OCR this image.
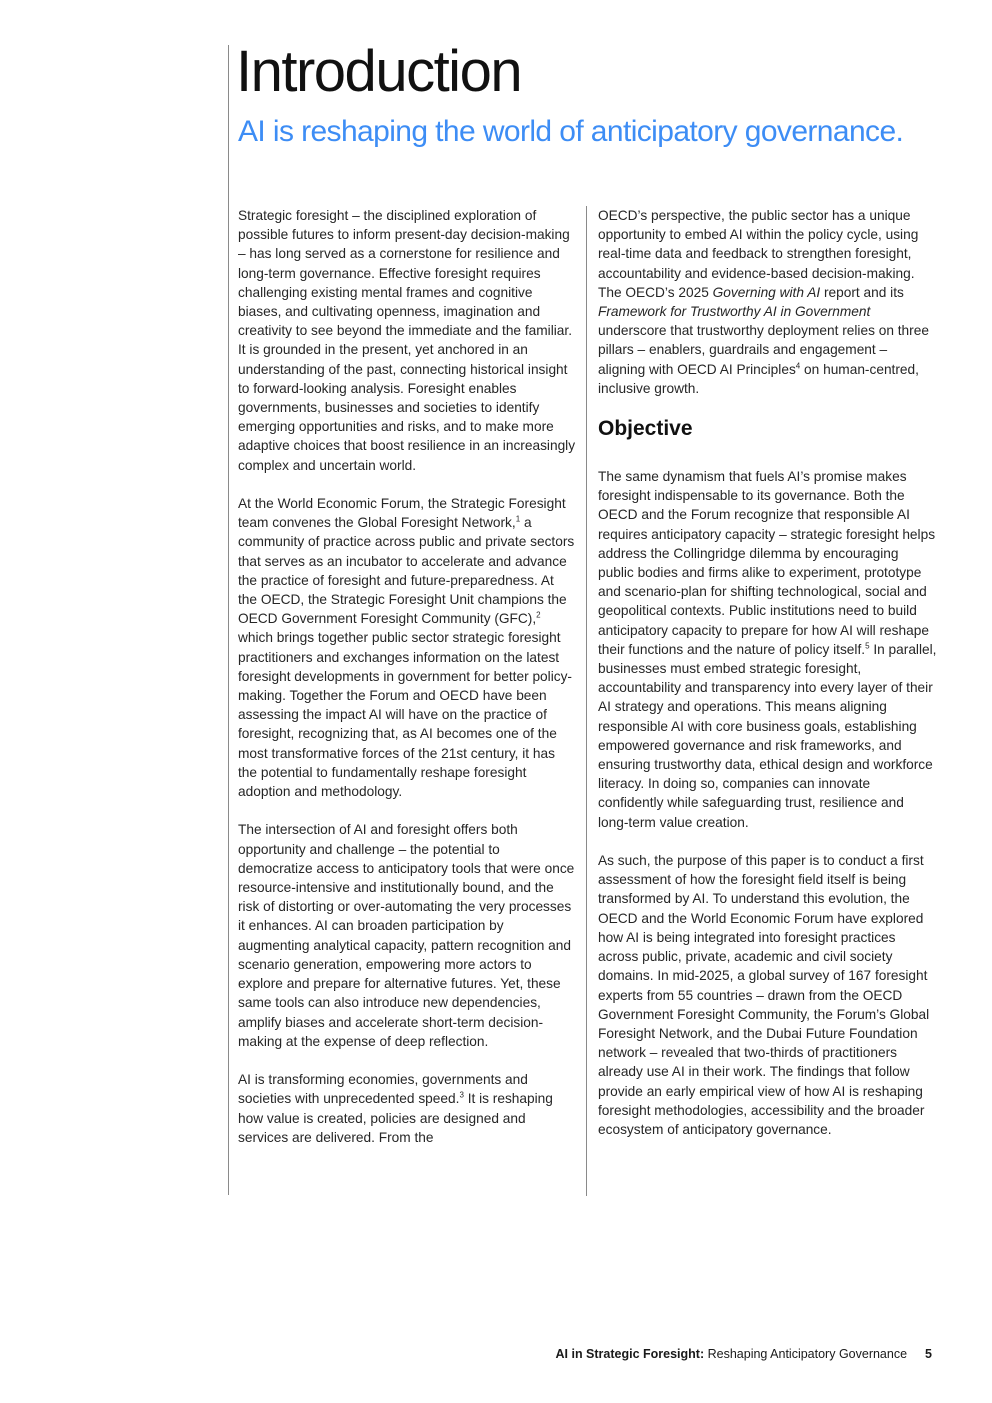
Introduction
AI is reshaping the world of anticipatory governance.

Strategic foresight – the disciplined exploration of possible futures to inform present-day decision-making – has long served as a cornerstone for resilience and long-term governance. Effective foresight requires challenging existing mental frames and cognitive biases, and cultivating openness, imagination and creativity to see beyond the immediate and the familiar. It is grounded in the present, yet anchored in an understanding of the past, connecting historical insight to forward-looking analysis. Foresight enables governments, businesses and societies to identify emerging opportunities and risks, and to make more adaptive choices that boost resilience in an increasingly complex and uncertain world.

At the World Economic Forum, the Strategic Foresight team convenes the Global Foresight Network,$^1$ a community of practice across public and private sectors that serves as an incubator to accelerate and advance the practice of foresight and future-preparedness. At the OECD, the Strategic Foresight Unit champions the OECD Government Foresight Community (GFC),$^2$ which brings together public sector strategic foresight practitioners and exchanges information on the latest foresight developments in government for better policy-making. Together the Forum and OECD have been assessing the impact AI will have on the practice of foresight, recognizing that, as AI becomes one of the most transformative forces of the 21st century, it has the potential to fundamentally reshape foresight adoption and methodology.

The intersection of AI and foresight offers both opportunity and challenge – the potential to democratize access to anticipatory tools that were once resource-intensive and institutionally bound, and the risk of distorting or over-automating the very processes it enhances. AI can broaden participation by augmenting analytical capacity, pattern recognition and scenario generation, empowering more actors to explore and prepare for alternative futures. Yet, these same tools can also introduce new dependencies, amplify biases and accelerate short-term decision-making at the expense of deep reflection.

AI is transforming economies, governments and societies with unprecedented speed.$^3$ It is reshaping how value is created, policies are designed and services are delivered. From the

OECD’s perspective, the public sector has a unique opportunity to embed AI within the policy cycle, using real-time data and feedback to strengthen foresight, accountability and evidence-based decision-making. The OECD’s 2025 Governing with AI report and its Framework for Trustworthy AI in Government underscore that trustworthy deployment relies on three pillars – enablers, guardrails and engagement – aligning with OECD AI Principles$^4$ on human-centred, inclusive growth.

Objective

The same dynamism that fuels AI’s promise makes foresight indispensable to its governance. Both the OECD and the Forum recognize that responsible AI requires anticipatory capacity – strategic foresight helps address the Collingridge dilemma by encouraging public bodies and firms alike to experiment, prototype and scenario-plan for shifting technological, social and geopolitical contexts. Public institutions need to build anticipatory capacity to prepare for how AI will reshape their functions and the nature of policy itself.$^5$ In parallel, businesses must embed strategic foresight, accountability and transparency into every layer of their AI strategy and operations. This means aligning responsible AI with core business goals, establishing empowered governance and risk frameworks, and ensuring trustworthy data, ethical design and workforce literacy. In doing so, companies can innovate confidently while safeguarding trust, resilience and long-term value creation.

As such, the purpose of this paper is to conduct a first assessment of how the foresight field itself is being transformed by AI. To understand this evolution, the OECD and the World Economic Forum have explored how AI is being integrated into foresight practices across public, private, academic and civil society domains. In mid-2025, a global survey of 167 foresight experts from 55 countries – drawn from the OECD Government Foresight Community, the Forum’s Global Foresight Network, and the Dubai Future Foundation network – revealed that two-thirds of practitioners already use AI in their work. The findings that follow provide an early empirical view of how AI is reshaping foresight methodologies, accessibility and the broader ecosystem of anticipatory governance.

AI in Strategic Foresight: Reshaping Anticipatory Governance 5
